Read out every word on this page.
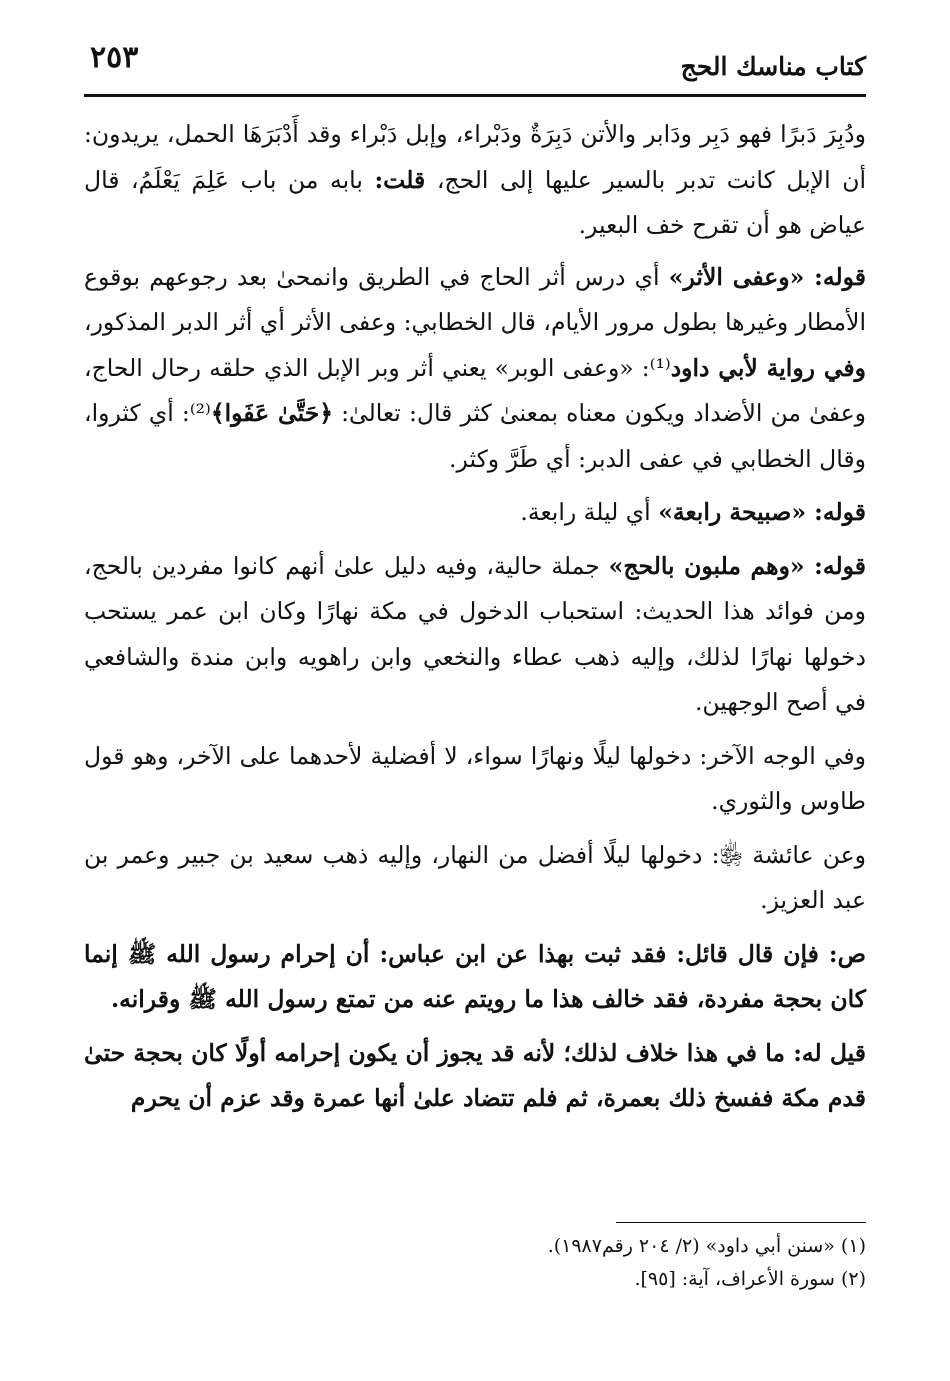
كتاب مناسك الحج
٢٥٣

ودُبِرَ دَبرًا فهو دَبِر ودَابر والأتن دَبِرَةٌ ودَبْراء، وإبل دَبْراء وقد أَدْبَرَهَا الحمل، يريدون: أن الإبل كانت تدبر بالسير عليها إلى الحج، قلت: بابه من باب عَلِمَ يَعْلَمُ، قال عياض هو أن تقرح خف البعير.

قوله: «وعفى الأثر» أي درس أثر الحاج في الطريق وانمحىٰ بعد رجوعهم بوقوع الأمطار وغيرها بطول مرور الأيام، قال الخطابي: وعفى الأثر أي أثر الدبر المذكور، وفي رواية لأبي داود⁽¹⁾: «وعفى الوبر» يعني أثر وبر الإبل الذي حلقه رحال الحاج، وعفىٰ من الأضداد ويكون معناه بمعنىٰ كثر قال: تعالىٰ: ﴿حَتَّىٰ عَفَوا﴾⁽²⁾: أي كثروا، وقال الخطابي في عفى الدبر: أي طَرَّ وكثر.

قوله: «صبيحة رابعة» أي ليلة رابعة.

قوله: «وهم ملبون بالحج» جملة حالية، وفيه دليل علىٰ أنهم كانوا مفردين بالحج، ومن فوائد هذا الحديث: استحباب الدخول في مكة نهارًا وكان ابن عمر يستحب دخولها نهارًا لذلك، وإليه ذهب عطاء والنخعي وابن راهويه وابن مندة والشافعي في أصح الوجهين.

وفي الوجه الآخر: دخولها ليلًا ونهارًا سواء، لا أفضلية لأحدهما على الآخر، وهو قول طاوس والثوري.

وعن عائشة ﵂: دخولها ليلًا أفضل من النهار، وإليه ذهب سعيد بن جبير وعمر بن عبد العزيز.

ص: فإن قال قائل: فقد ثبت بهذا عن ابن عباس: أن إحرام رسول الله ﷺ إنما كان بحجة مفردة، فقد خالف هذا ما رويتم عنه من تمتع رسول الله ﷺ وقرانه.

قيل له: ما في هذا خلاف لذلك؛ لأنه قد يجوز أن يكون إحرامه أولًا كان بحجة حتىٰ قدم مكة ففسخ ذلك بعمرة، ثم فلم تتضاد علىٰ أنها عمرة وقد عزم أن يحرم

(١) «سنن أبي داود» (٢/ ٢٠٤ رقم١٩٨٧).

(٢) سورة الأعراف، آية: [٩٥].
